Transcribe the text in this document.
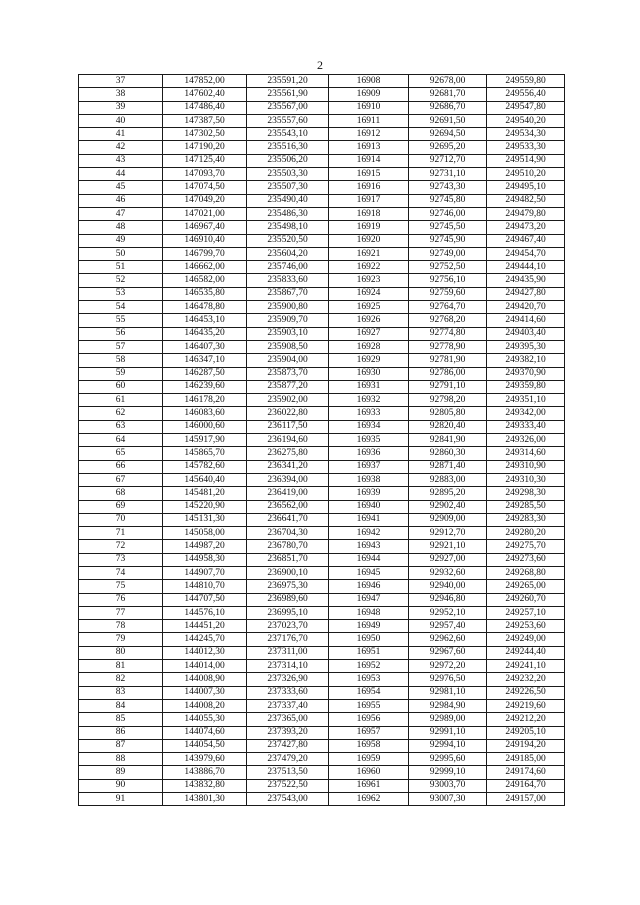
2
37	147852,00	235591,20	16908	92678,00	249559,80
38	147602,40	235561,90	16909	92681,70	249556,40
39	147486,40	235567,00	16910	92686,70	249547,80
40	147387,50	235557,60	16911	92691,50	249540,20
41	147302,50	235543,10	16912	92694,50	249534,30
42	147190,20	235516,30	16913	92695,20	249533,30
43	147125,40	235506,20	16914	92712,70	249514,90
44	147093,70	235503,30	16915	92731,10	249510,20
45	147074,50	235507,30	16916	92743,30	249495,10
46	147049,20	235490,40	16917	92745,80	249482,50
47	147021,00	235486,30	16918	92746,00	249479,80
48	146967,40	235498,10	16919	92745,50	249473,20
49	146910,40	235520,50	16920	92745,90	249467,40
50	146799,70	235604,20	16921	92749,00	249454,70
51	146662,00	235746,00	16922	92752,50	249444,10
52	146582,00	235833,60	16923	92756,10	249435,90
53	146535,80	235867,70	16924	92759,60	249427,80
54	146478,80	235900,80	16925	92764,70	249420,70
55	146453,10	235909,70	16926	92768,20	249414,60
56	146435,20	235903,10	16927	92774,80	249403,40
57	146407,30	235908,50	16928	92778,90	249395,30
58	146347,10	235904,00	16929	92781,90	249382,10
59	146287,50	235873,70	16930	92786,00	249370,90
60	146239,60	235877,20	16931	92791,10	249359,80
61	146178,20	235902,00	16932	92798,20	249351,10
62	146083,60	236022,80	16933	92805,80	249342,00
63	146000,60	236117,50	16934	92820,40	249333,40
64	145917,90	236194,60	16935	92841,90	249326,00
65	145865,70	236275,80	16936	92860,30	249314,60
66	145782,60	236341,20	16937	92871,40	249310,90
67	145640,40	236394,00	16938	92883,00	249310,30
68	145481,20	236419,00	16939	92895,20	249298,30
69	145220,90	236562,00	16940	92902,40	249285,50
70	145131,30	236641,70	16941	92909,00	249283,30
71	145058,00	236704,30	16942	92912,70	249280,20
72	144987,20	236780,70	16943	92921,10	249275,70
73	144958,30	236851,70	16944	92927,00	249273,60
74	144907,70	236900,10	16945	92932,60	249268,80
75	144810,70	236975,30	16946	92940,00	249265,00
76	144707,50	236989,60	16947	92946,80	249260,70
77	144576,10	236995,10	16948	92952,10	249257,10
78	144451,20	237023,70	16949	92957,40	249253,60
79	144245,70	237176,70	16950	92962,60	249249,00
80	144012,30	237311,00	16951	92967,60	249244,40
81	144014,00	237314,10	16952	92972,20	249241,10
82	144008,90	237326,90	16953	92976,50	249232,20
83	144007,30	237333,60	16954	92981,10	249226,50
84	144008,20	237337,40	16955	92984,90	249219,60
85	144055,30	237365,00	16956	92989,00	249212,20
86	144074,60	237393,20	16957	92991,10	249205,10
87	144054,50	237427,80	16958	92994,10	249194,20
88	143979,60	237479,20	16959	92995,60	249185,00
89	143886,70	237513,50	16960	92999,10	249174,60
90	143832,80	237522,50	16961	93003,70	249164,70
91	143801,30	237543,00	16962	93007,30	249157,00
